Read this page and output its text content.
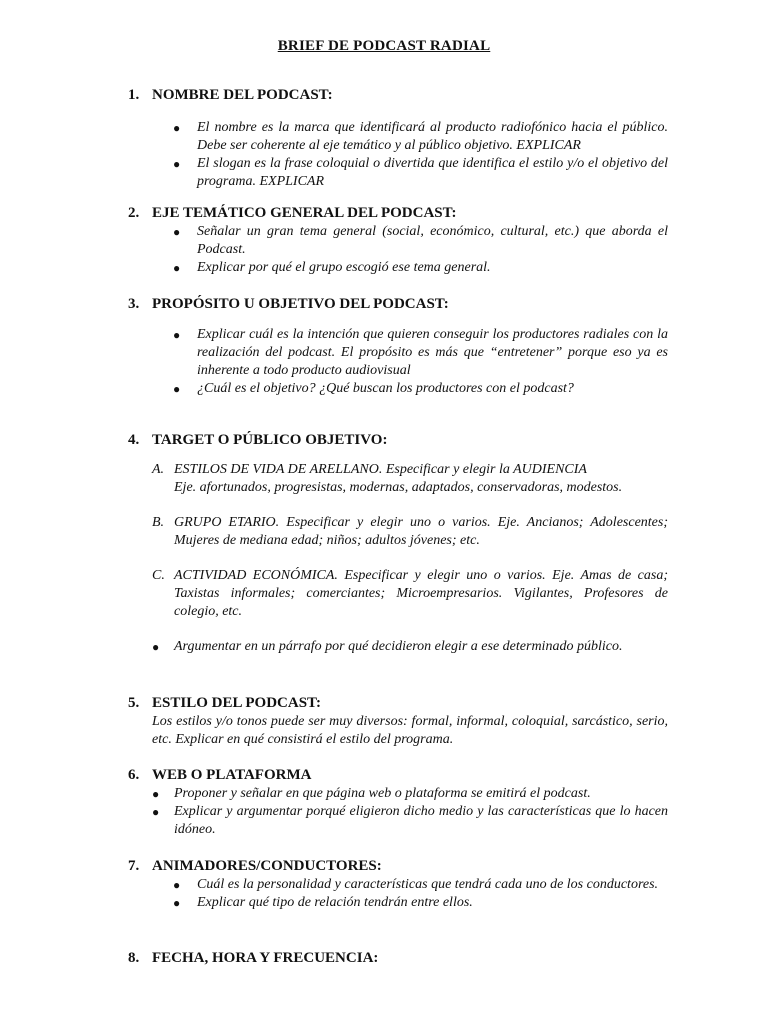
BRIEF DE PODCAST RADIAL
1. NOMBRE DEL PODCAST:
● El nombre es la marca que identificará al producto radiofónico hacia el público. Debe ser coherente al eje temático y al público objetivo. EXPLICAR
● El slogan es la frase coloquial o divertida que identifica el estilo y/o el objetivo del programa. EXPLICAR
2. EJE TEMÁTICO GENERAL DEL PODCAST:
● Señalar un gran tema general (social, económico, cultural, etc.) que aborda el Podcast.
● Explicar por qué el grupo escogió ese tema general.
3. PROPÓSITO U OBJETIVO DEL PODCAST:
● Explicar cuál es la intención que quieren conseguir los productores radiales con la realización del podcast. El propósito es más que “entretener” porque eso ya es inherente a todo producto audiovisual
● ¿Cuál es el objetivo? ¿Qué buscan los productores con el podcast?
4. TARGET O PÚBLICO OBJETIVO:
A. ESTILOS DE VIDA DE ARELLANO. Especificar y elegir la AUDIENCIA
Eje. afortunados, progresistas, modernas, adaptados, conservadoras, modestos.
B. GRUPO ETARIO. Especificar y elegir uno o varios. Eje. Ancianos; Adolescentes; Mujeres de mediana edad; niños; adultos jóvenes; etc.
C. ACTIVIDAD ECONÓMICA. Especificar y elegir uno o varios. Eje. Amas de casa; Taxistas informales; comerciantes; Microempresarios. Vigilantes, Profesores de colegio, etc.
● Argumentar en un párrafo por qué decidieron elegir a ese determinado público.
5. ESTILO DEL PODCAST:
Los estilos y/o tonos puede ser muy diversos: formal, informal, coloquial, sarcástico, serio, etc. Explicar en qué consistirá el estilo del programa.
6. WEB O PLATAFORMA
● Proponer y señalar en que página web o plataforma se emitirá el podcast.
● Explicar y argumentar porqué eligieron dicho medio y las características que lo hacen idóneo.
7. ANIMADORES/CONDUCTORES:
● Cuál es la personalidad y características que tendrá cada uno de los conductores.
● Explicar qué tipo de relación tendrán entre ellos.
8. FECHA, HORA Y FRECUENCIA:
